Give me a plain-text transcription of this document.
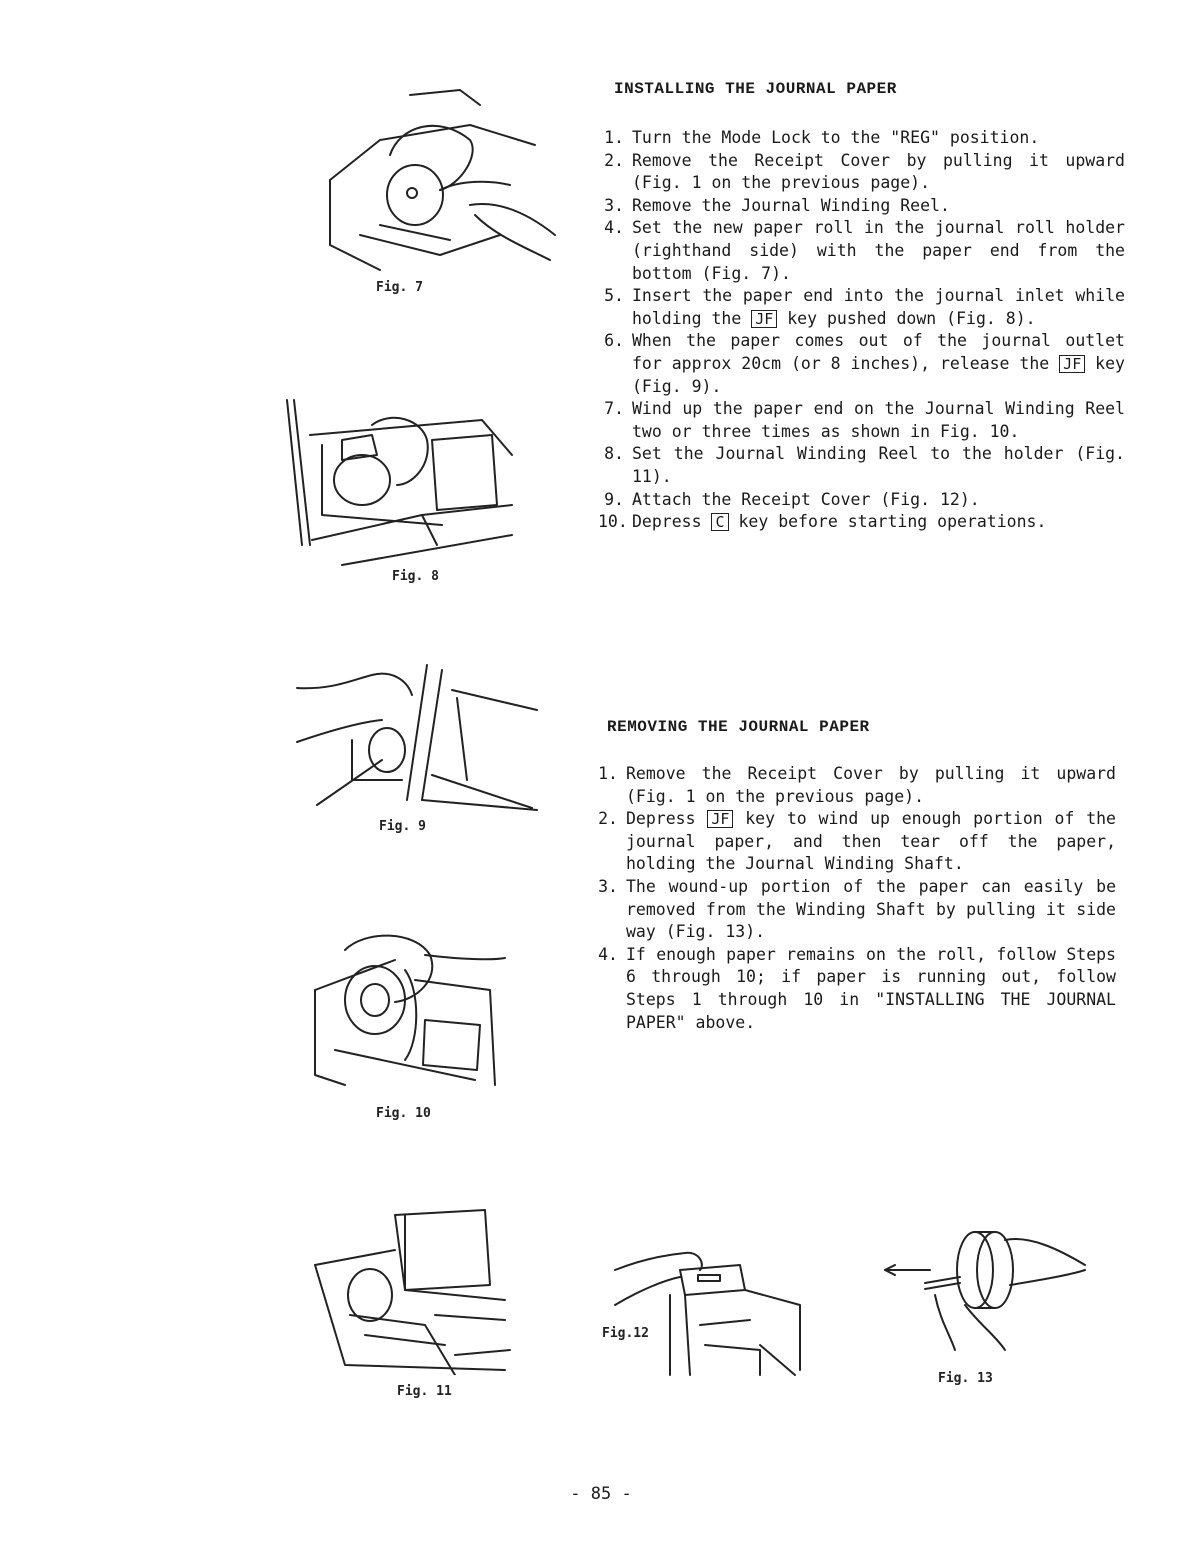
Fig. 7
Fig. 8
Fig. 9
Fig. 10
Fig. 11
Fig.12
Fig. 13
INSTALLING THE JOURNAL PAPER
1. Turn the Mode Lock to the "REG" position.
2. Remove the Receipt Cover by pulling it upward (Fig. 1 on the previous page).
3. Remove the Journal Winding Reel.
4. Set the new paper roll in the journal roll holder (righthand side) with the paper end from the bottom (Fig. 7).
5. Insert the paper end into the journal inlet while holding the JF key pushed down (Fig. 8).
6. When the paper comes out of the journal outlet for approx 20cm (or 8 inches), release the JF key (Fig. 9).
7. Wind up the paper end on the Journal Winding Reel two or three times as shown in Fig. 10.
8. Set the Journal Winding Reel to the holder (Fig. 11).
9. Attach the Receipt Cover (Fig. 12).
10. Depress C key before starting operations.
REMOVING THE JOURNAL PAPER
1. Remove the Receipt Cover by pulling it upward (Fig. 1 on the previous page).
2. Depress JF key to wind up enough portion of the journal paper, and then tear off the paper, holding the Journal Winding Shaft.
3. The wound-up portion of the paper can easily be removed from the Winding Shaft by pulling it side way (Fig. 13).
4. If enough paper remains on the roll, follow Steps 6 through 10; if paper is running out, follow Steps 1 through 10 in "INSTALLING THE JOURNAL PAPER" above.
- 85 -
